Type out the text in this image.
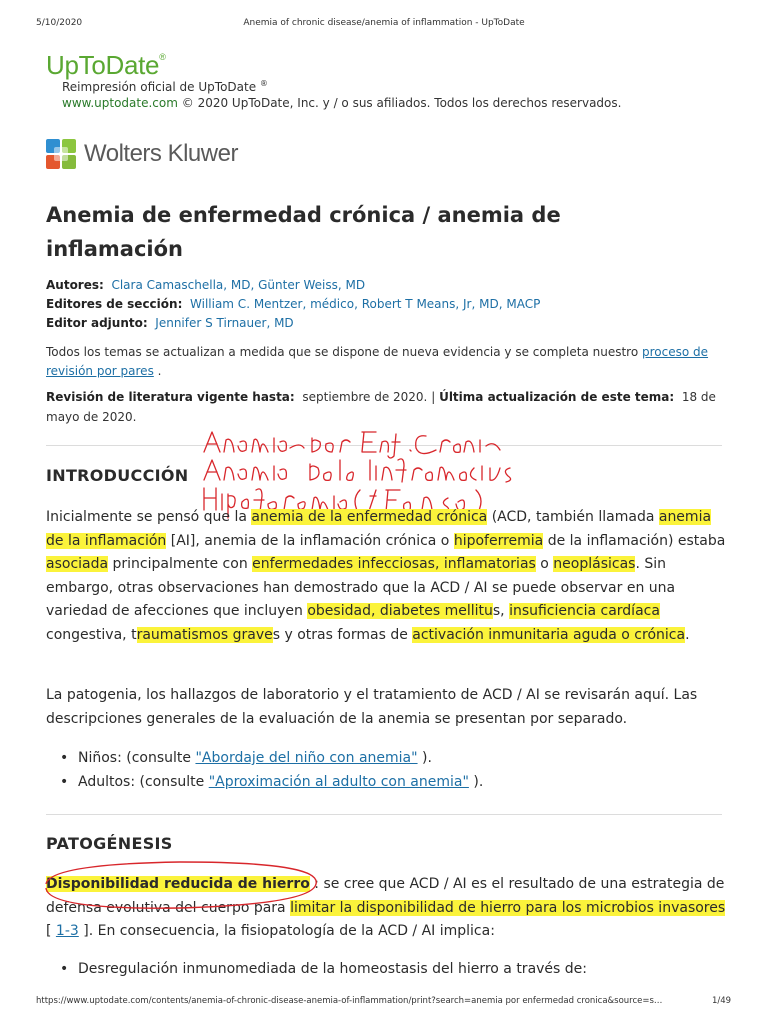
5/10/2020	Anemia of chronic disease/anemia of inflammation - UpToDate
UpToDate®
Reimpresión oficial de UpToDate ®
www.uptodate.com © 2020 UpToDate, Inc. y / o sus afiliados. Todos los derechos reservados.
Wolters Kluwer
Anemia de enfermedad crónica / anemia de inflamación
Autores: Clara Camaschella, MD, Günter Weiss, MD
Editores de sección: William C. Mentzer, médico, Robert T Means, Jr, MD, MACP
Editor adjunto: Jennifer S Tirnauer, MD
Todos los temas se actualizan a medida que se dispone de nueva evidencia y se completa nuestro proceso de revisión por pares .
Revisión de literatura vigente hasta: septiembre de 2020. | Última actualización de este tema: 18 de mayo de 2020.
INTRODUCCIÓN
Inicialmente se pensó que la anemia de la enfermedad crónica (ACD, también llamada anemia de la inflamación [AI], anemia de la inflamación crónica o hipoferremia de la inflamación) estaba asociada principalmente con enfermedades infecciosas, inflamatorias o neoplásicas. Sin embargo, otras observaciones han demostrado que la ACD / AI se puede observar en una variedad de afecciones que incluyen obesidad, diabetes mellitus, insuficiencia cardíaca congestiva, traumatismos graves y otras formas de activación inmunitaria aguda o crónica.
La patogenia, los hallazgos de laboratorio y el tratamiento de ACD / AI se revisarán aquí. Las descripciones generales de la evaluación de la anemia se presentan por separado.
• Niños: (consulte "Abordaje del niño con anemia" ).
• Adultos: (consulte "Aproximación al adulto con anemia" ).
PATOGÉNESIS
Disponibilidad reducida de hierro : se cree que ACD / AI es el resultado de una estrategia de defensa evolutiva del cuerpo para limitar la disponibilidad de hierro para los microbios invasores [ 1-3 ]. En consecuencia, la fisiopatología de la ACD / AI implica:
• Desregulación inmunomediada de la homeostasis del hierro a través de:
https://www.uptodate.com/contents/anemia-of-chronic-disease-anemia-of-inflammation/print?search=anemia por enfermedad cronica&source=s…	1/49
